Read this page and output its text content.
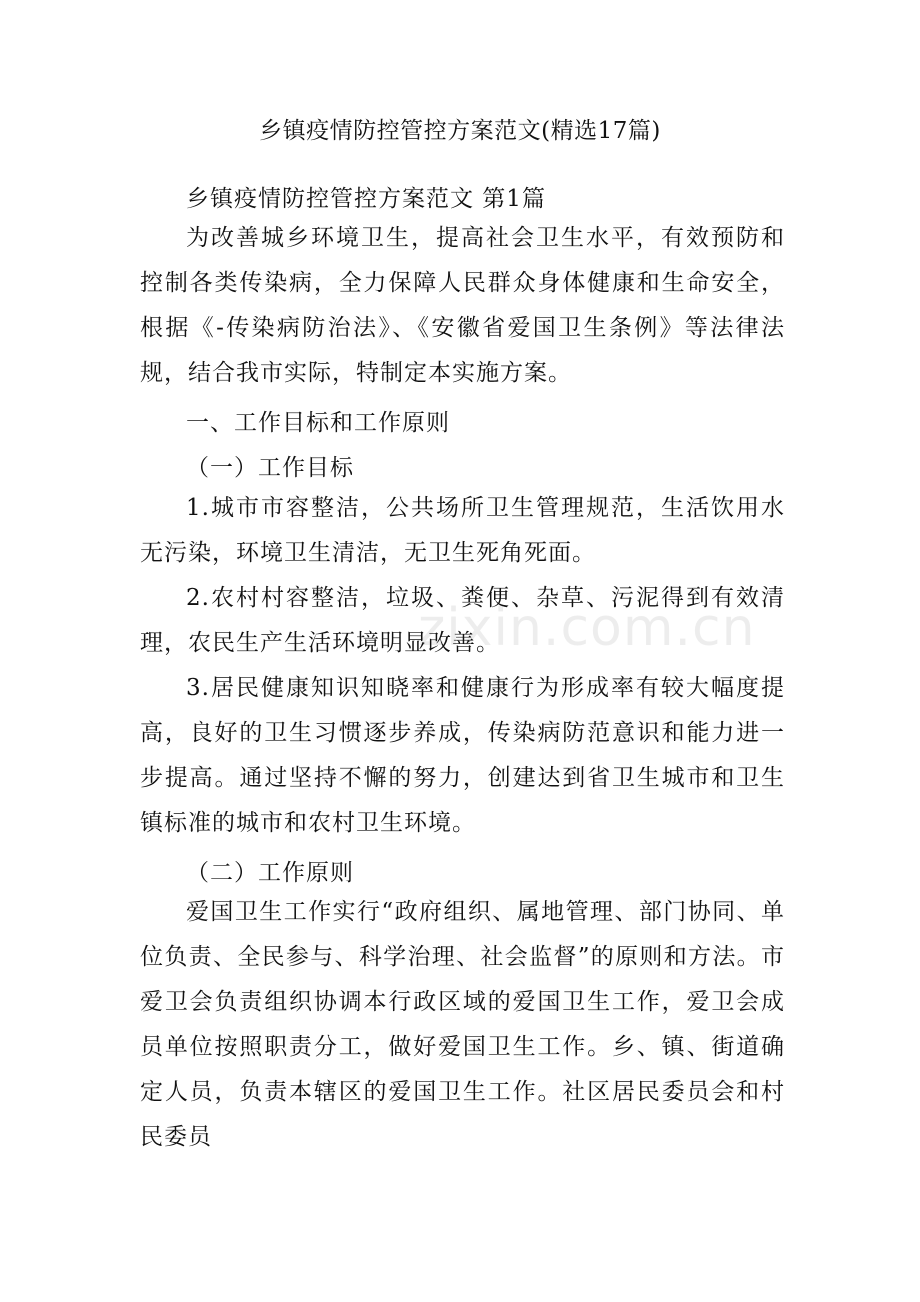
乡镇疫情防控管控方案范文(精选17篇)
乡镇疫情防控管控方案范文 第1篇
为改善城乡环境卫生，提高社会卫生水平，有效预防和控制各类传染病，全力保障人民群众身体健康和生命安全，根据《-传染病防治法》、《安徽省爱国卫生条例》等法律法规，结合我市实际，特制定本实施方案。
一、工作目标和工作原则
（一）工作目标
1.城市市容整洁，公共场所卫生管理规范，生活饮用水无污染，环境卫生清洁，无卫生死角死面。
2.农村村容整洁，垃圾、粪便、杂草、污泥得到有效清理，农民生产生活环境明显改善。
3.居民健康知识知晓率和健康行为形成率有较大幅度提高，良好的卫生习惯逐步养成，传染病防范意识和能力进一步提高。通过坚持不懈的努力，创建达到省卫生城市和卫生镇标准的城市和农村卫生环境。
（二）工作原则
爱国卫生工作实行“政府组织、属地管理、部门协同、单位负责、全民参与、科学治理、社会监督”的原则和方法。市爱卫会负责组织协调本行政区域的爱国卫生工作，爱卫会成员单位按照职责分工，做好爱国卫生工作。乡、镇、街道确定人员，负责本辖区的爱国卫生工作。社区居民委员会和村民委员
zixin.com.cn
